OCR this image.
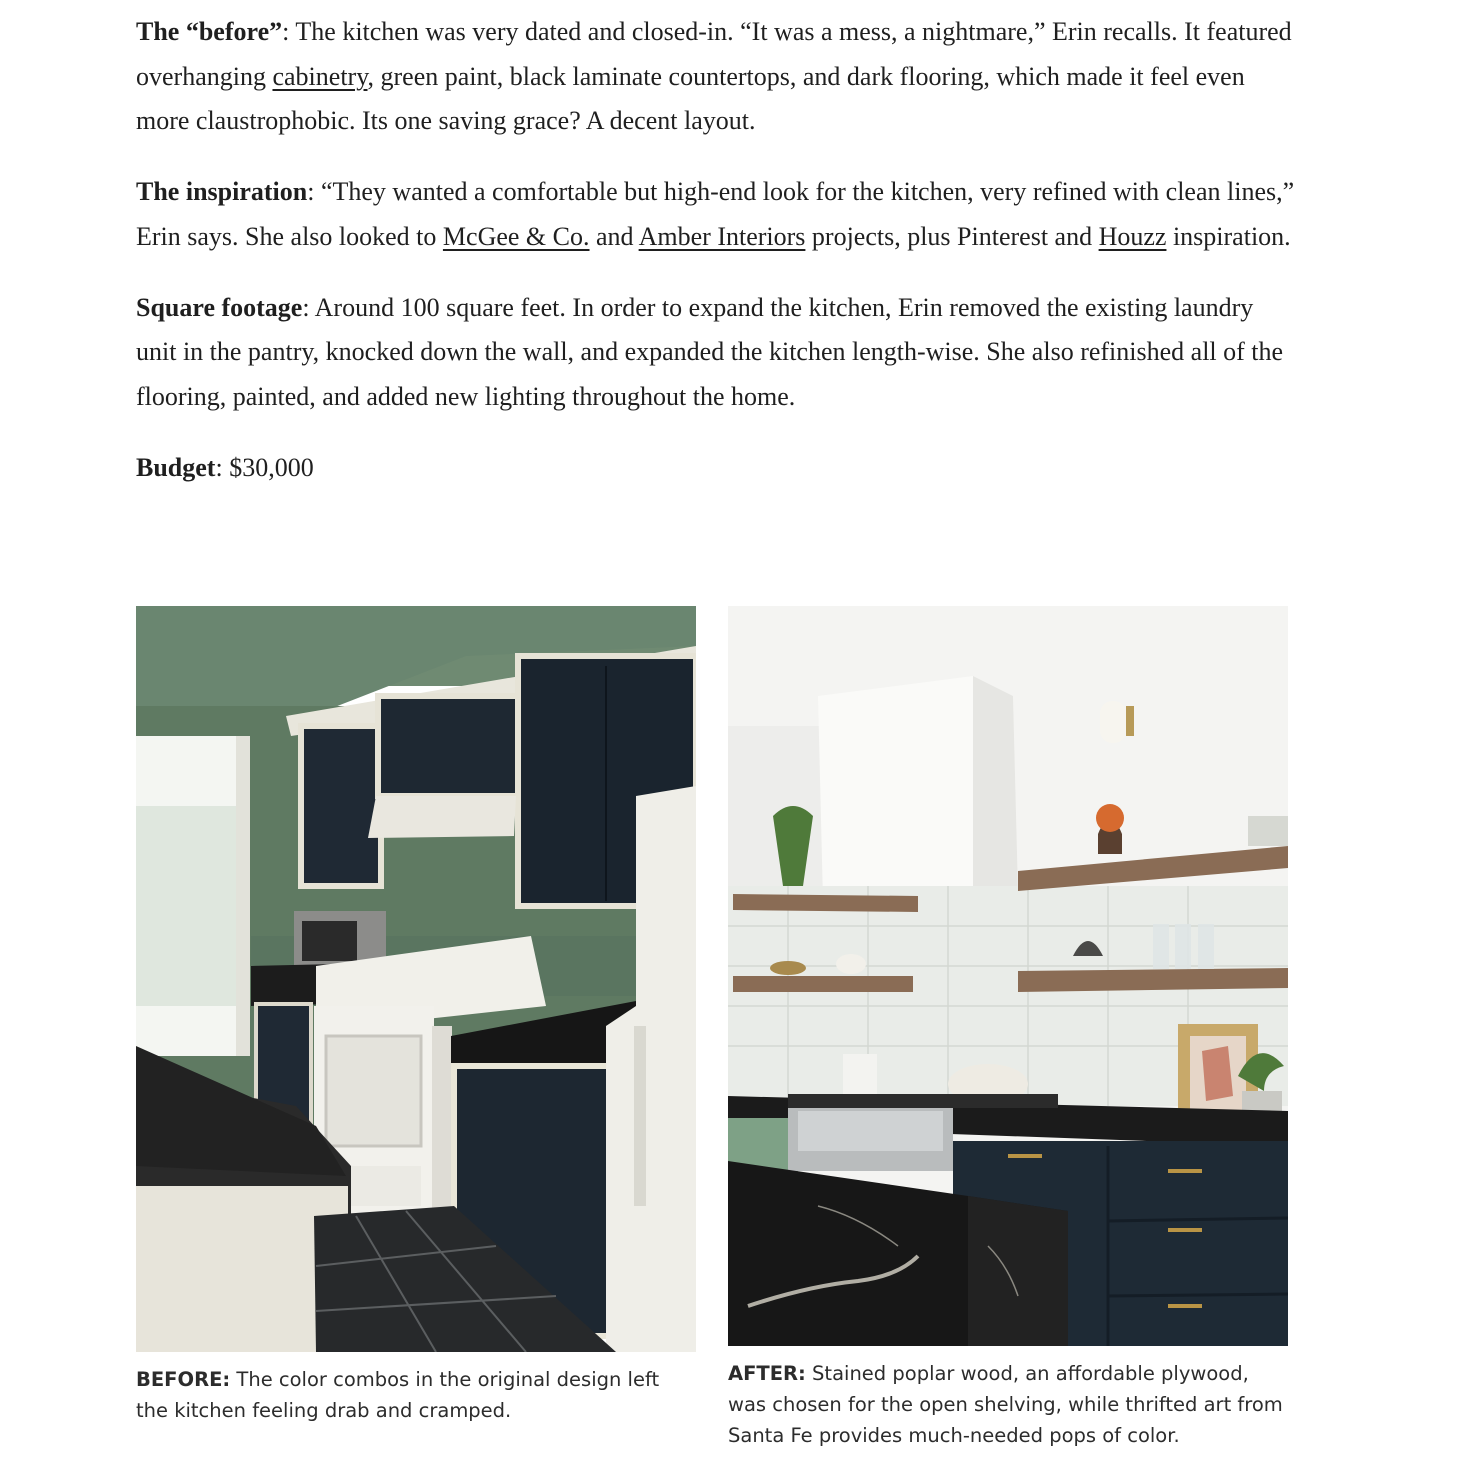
The “before”: The kitchen was very dated and closed-in. “It was a mess, a nightmare,” Erin recalls. It featured overhanging cabinetry, green paint, black laminate countertops, and dark flooring, which made it feel even more claustrophobic. Its one saving grace? A decent layout.

The inspiration: “They wanted a comfortable but high-end look for the kitchen, very refined with clean lines,” Erin says. She also looked to McGee & Co. and Amber Interiors projects, plus Pinterest and Houzz inspiration.

Square footage: Around 100 square feet. In order to expand the kitchen, Erin removed the existing laundry unit in the pantry, knocked down the wall, and expanded the kitchen length-wise. She also refinished all of the flooring, painted, and added new lighting throughout the home.

Budget: $30,000

BEFORE: The color combos in the original design left the kitchen feeling drab and cramped.
AFTER: Stained poplar wood, an affordable plywood, was chosen for the open shelving, while thrifted art from Santa Fe provides much-needed pops of color.
